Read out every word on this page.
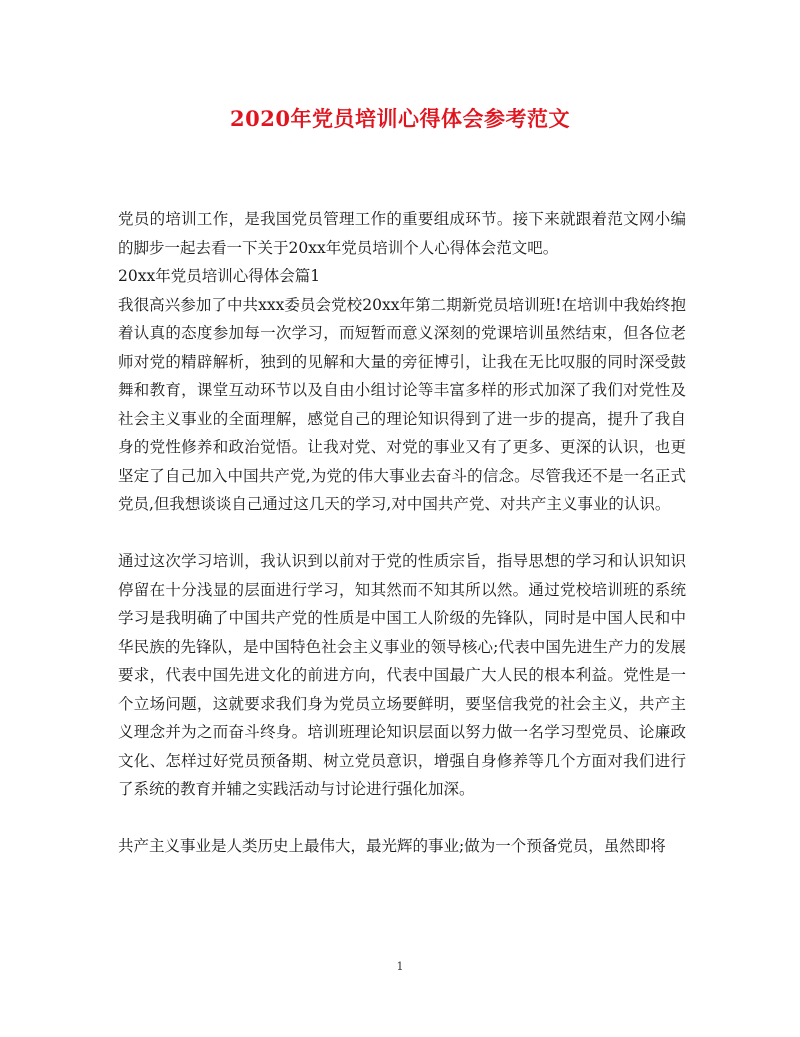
2020年党员培训心得体会参考范文

党员的培训工作，是我国党员管理工作的重要组成环节。接下来就跟着范文网小编的脚步一起去看一下关于20xx年党员培训个人心得体会范文吧。

20xx年党员培训心得体会篇1

我很高兴参加了中共xxx委员会党校20xx年第二期新党员培训班!在培训中我始终抱着认真的态度参加每一次学习，而短暂而意义深刻的党课培训虽然结束，但各位老师对党的精辟解析，独到的见解和大量的旁征博引，让我在无比叹服的同时深受鼓舞和教育，课堂互动环节以及自由小组讨论等丰富多样的形式加深了我们对党性及社会主义事业的全面理解，感觉自己的理论知识得到了进一步的提高，提升了我自身的党性修养和政治觉悟。让我对党、对党的事业又有了更多、更深的认识，也更坚定了自己加入中国共产党,为党的伟大事业去奋斗的信念。尽管我还不是一名正式党员,但我想谈谈自己通过这几天的学习,对中国共产党、对共产主义事业的认识。

通过这次学习培训，我认识到以前对于党的性质宗旨，指导思想的学习和认识知识停留在十分浅显的层面进行学习，知其然而不知其所以然。通过党校培训班的系统学习是我明确了中国共产党的性质是中国工人阶级的先锋队，同时是中国人民和中华民族的先锋队，是中国特色社会主义事业的领导核心;代表中国先进生产力的发展要求，代表中国先进文化的前进方向，代表中国最广大人民的根本利益。党性是一个立场问题，这就要求我们身为党员立场要鲜明，要坚信我党的社会主义，共产主义理念并为之而奋斗终身。培训班理论知识层面以努力做一名学习型党员、论廉政文化、怎样过好党员预备期、树立党员意识，增强自身修养等几个方面对我们进行了系统的教育并辅之实践活动与讨论进行强化加深。

共产主义事业是人类历史上最伟大，最光辉的事业;做为一个预备党员，虽然即将

1
